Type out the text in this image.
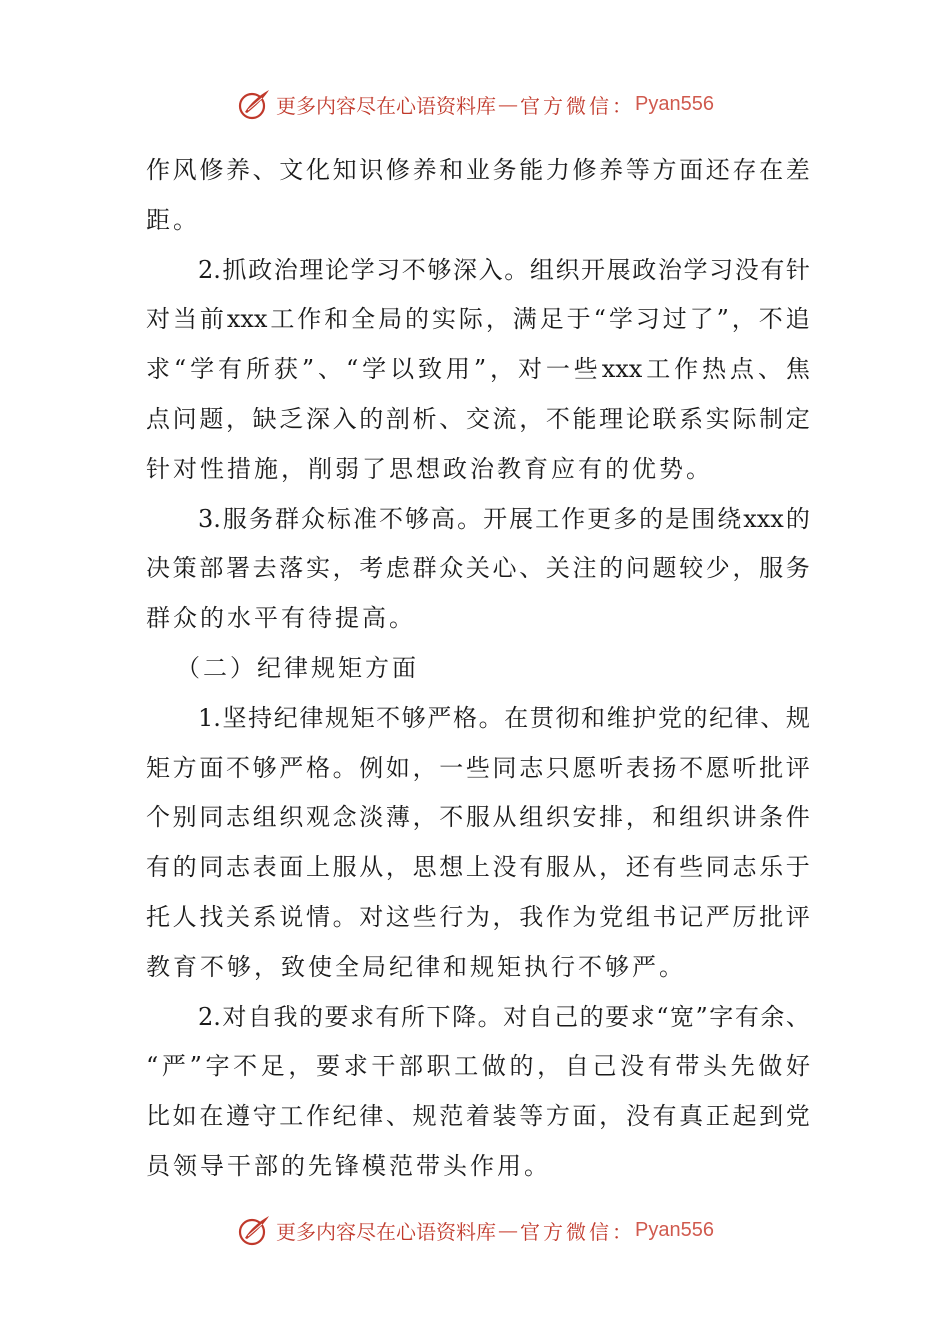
更多内容尽在心语资料库 — 官方微信： Pyan556
作 风 修 养 、 文 化 知 识 修 养 和 业 务 能 力 修 养 等 方 面 还 存 在 差
距。
2. 抓 政 治 理 论 学 习 不 够 深 入 。 组 织 开 展 政 治 学 习 没 有 针
对 当 前 xxx 工 作 和 全 局 的 实 际 ， 满 足 于 “ 学 习 过 了 ” ， 不 追
求 “ 学 有 所 获 ” 、 “ 学 以 致 用 ” ， 对 一 些 xxx 工 作 热 点 、 焦
点 问 题 ， 缺 乏 深 入 的 剖 析 、 交 流 ， 不 能 理 论 联 系 实 际 制 定
针对性措施，削弱了思想政治教育应有的优势。
3. 服 务 群 众 标 准 不 够 高 。 开 展 工 作 更 多 的 是 围 绕 xxx 的
决 策 部 署 去 落 实 ， 考 虑 群 众 关 心 、 关 注 的 问 题 较 少 ， 服 务
群众的水平有待提高。
（二）纪律规矩方面
1. 坚 持 纪 律 规 矩 不 够 严 格 。 在 贯 彻 和 维 护 党 的 纪 律 、 规
矩 方 面 不 够 严 格 。 例 如 ， 一 些 同 志 只 愿 听 表 扬 不 愿 听 批 评
个 别 同 志 组 织 观 念 淡 薄 ， 不 服 从 组 织 安 排 ， 和 组 织 讲 条 件
有 的 同 志 表 面 上 服 从 ， 思 想 上 没 有 服 从 ， 还 有 些 同 志 乐 于
托 人 找 关 系 说 情 。 对 这 些 行 为 ， 我 作 为 党 组 书 记 严 厉 批 评
教育不够，致使全局纪律和规矩执行不够严。
2. 对 自 我 的 要 求 有 所 下 降 。 对 自 己 的 要 求 “ 宽 ” 字 有 余 、
“ 严 ” 字 不 足 ， 要 求 干 部 职 工 做 的 ， 自 己 没 有 带 头 先 做 好
比 如 在 遵 守 工 作 纪 律 、 规 范 着 装 等 方 面 ， 没 有 真 正 起 到 党
员领导干部的先锋模范带头作用。
更多内容尽在心语资料库 — 官方微信： Pyan556
